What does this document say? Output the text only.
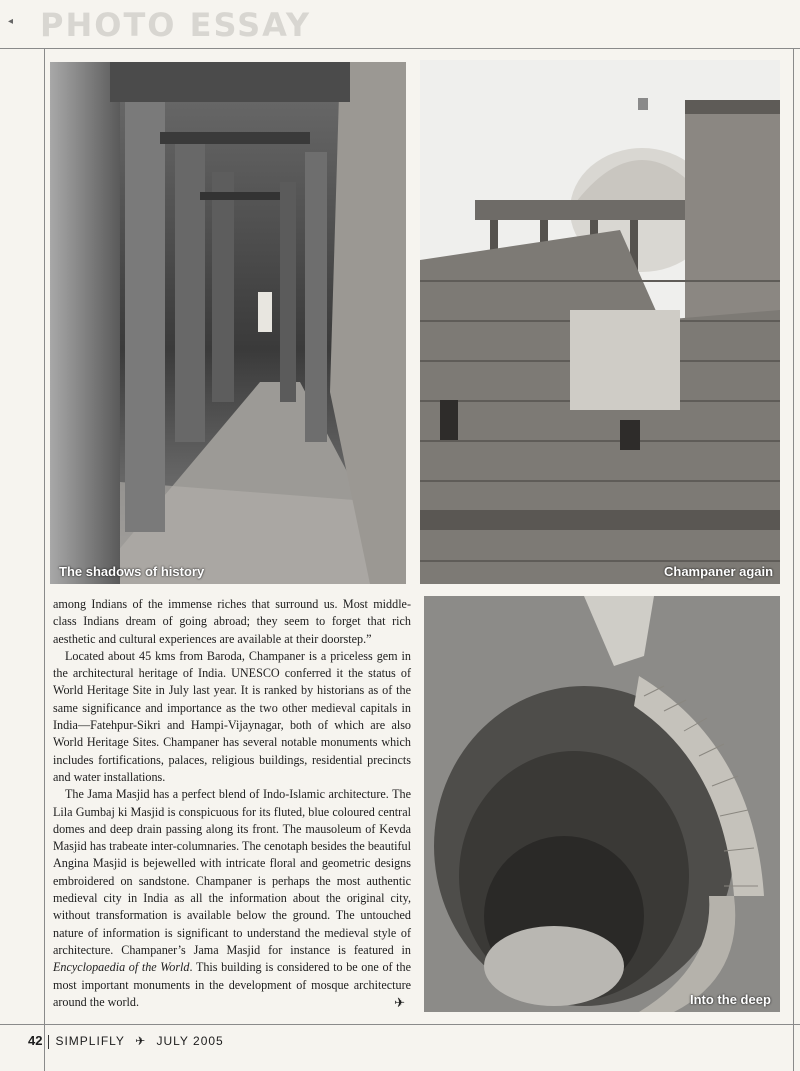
PHOTO ESSAY
◂
The shadows of history	Champaner again
Into the deep

among Indians of the immense riches that surround us. Most middle-class Indians dream of going abroad; they seem to forget that rich aesthetic and cultural experiences are available at their doorstep.”

Located about 45 kms from Baroda, Champaner is a priceless gem in the architectural heritage of India. UNESCO conferred it the status of World Heritage Site in July last year. It is ranked by historians as of the same significance and importance as the two other medieval capitals in India—Fatehpur-Sikri and Hampi-Vijaynagar, both of which are also World Heritage Sites. Champaner has several notable monuments which includes fortifications, palaces, religious buildings, residential precincts and water installations.

The Jama Masjid has a perfect blend of Indo-Islamic architecture. The Lila Gumbaj ki Masjid is conspicuous for its fluted, blue coloured central domes and deep drain passing along its front. The mausoleum of Kevda Masjid has trabeate inter-columnaries. The cenotaph besides the beautiful Angina Masjid is bejewelled with intricate floral and geometric designs embroidered on sandstone. Champaner is perhaps the most authentic medieval city in India as all the information about the original city, without transformation is available below the ground. The untouched nature of information is significant to understand the medieval style of architecture. Champaner’s Jama Masjid for instance is featured in Encyclopaedia of the World. This building is considered to be one of the most important monuments in the development of mosque architecture around the world.	✈

42 SIMPLIFLY ✈ JULY 2005
